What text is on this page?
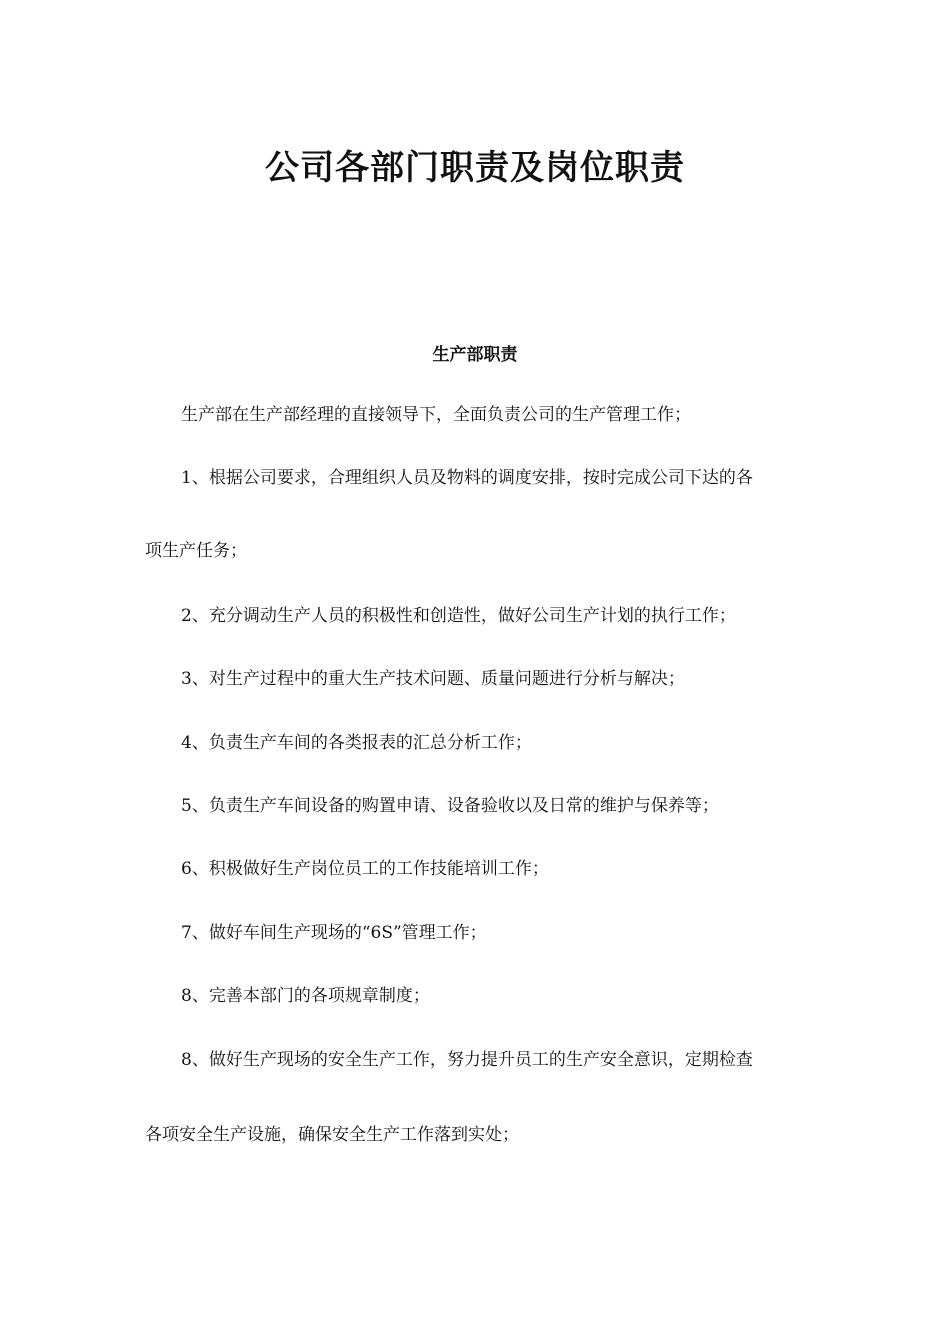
公司各部门职责及岗位职责
生产部职责

生产部在生产部经理的直接领导下，全面负责公司的生产管理工作；

1、根据公司要求，合理组织人员及物料的调度安排，按时完成公司下达的各

项生产任务；

2、充分调动生产人员的积极性和创造性，做好公司生产计划的执行工作；

3、对生产过程中的重大生产技术问题、质量问题进行分析与解决；

4、负责生产车间的各类报表的汇总分析工作；

5、负责生产车间设备的购置申请、设备验收以及日常的维护与保养等；

6、积极做好生产岗位员工的工作技能培训工作；

7、做好车间生产现场的“6S”管理工作；

8、完善本部门的各项规章制度；

8、做好生产现场的安全生产工作，努力提升员工的生产安全意识，定期检查

各项安全生产设施，确保安全生产工作落到实处；
